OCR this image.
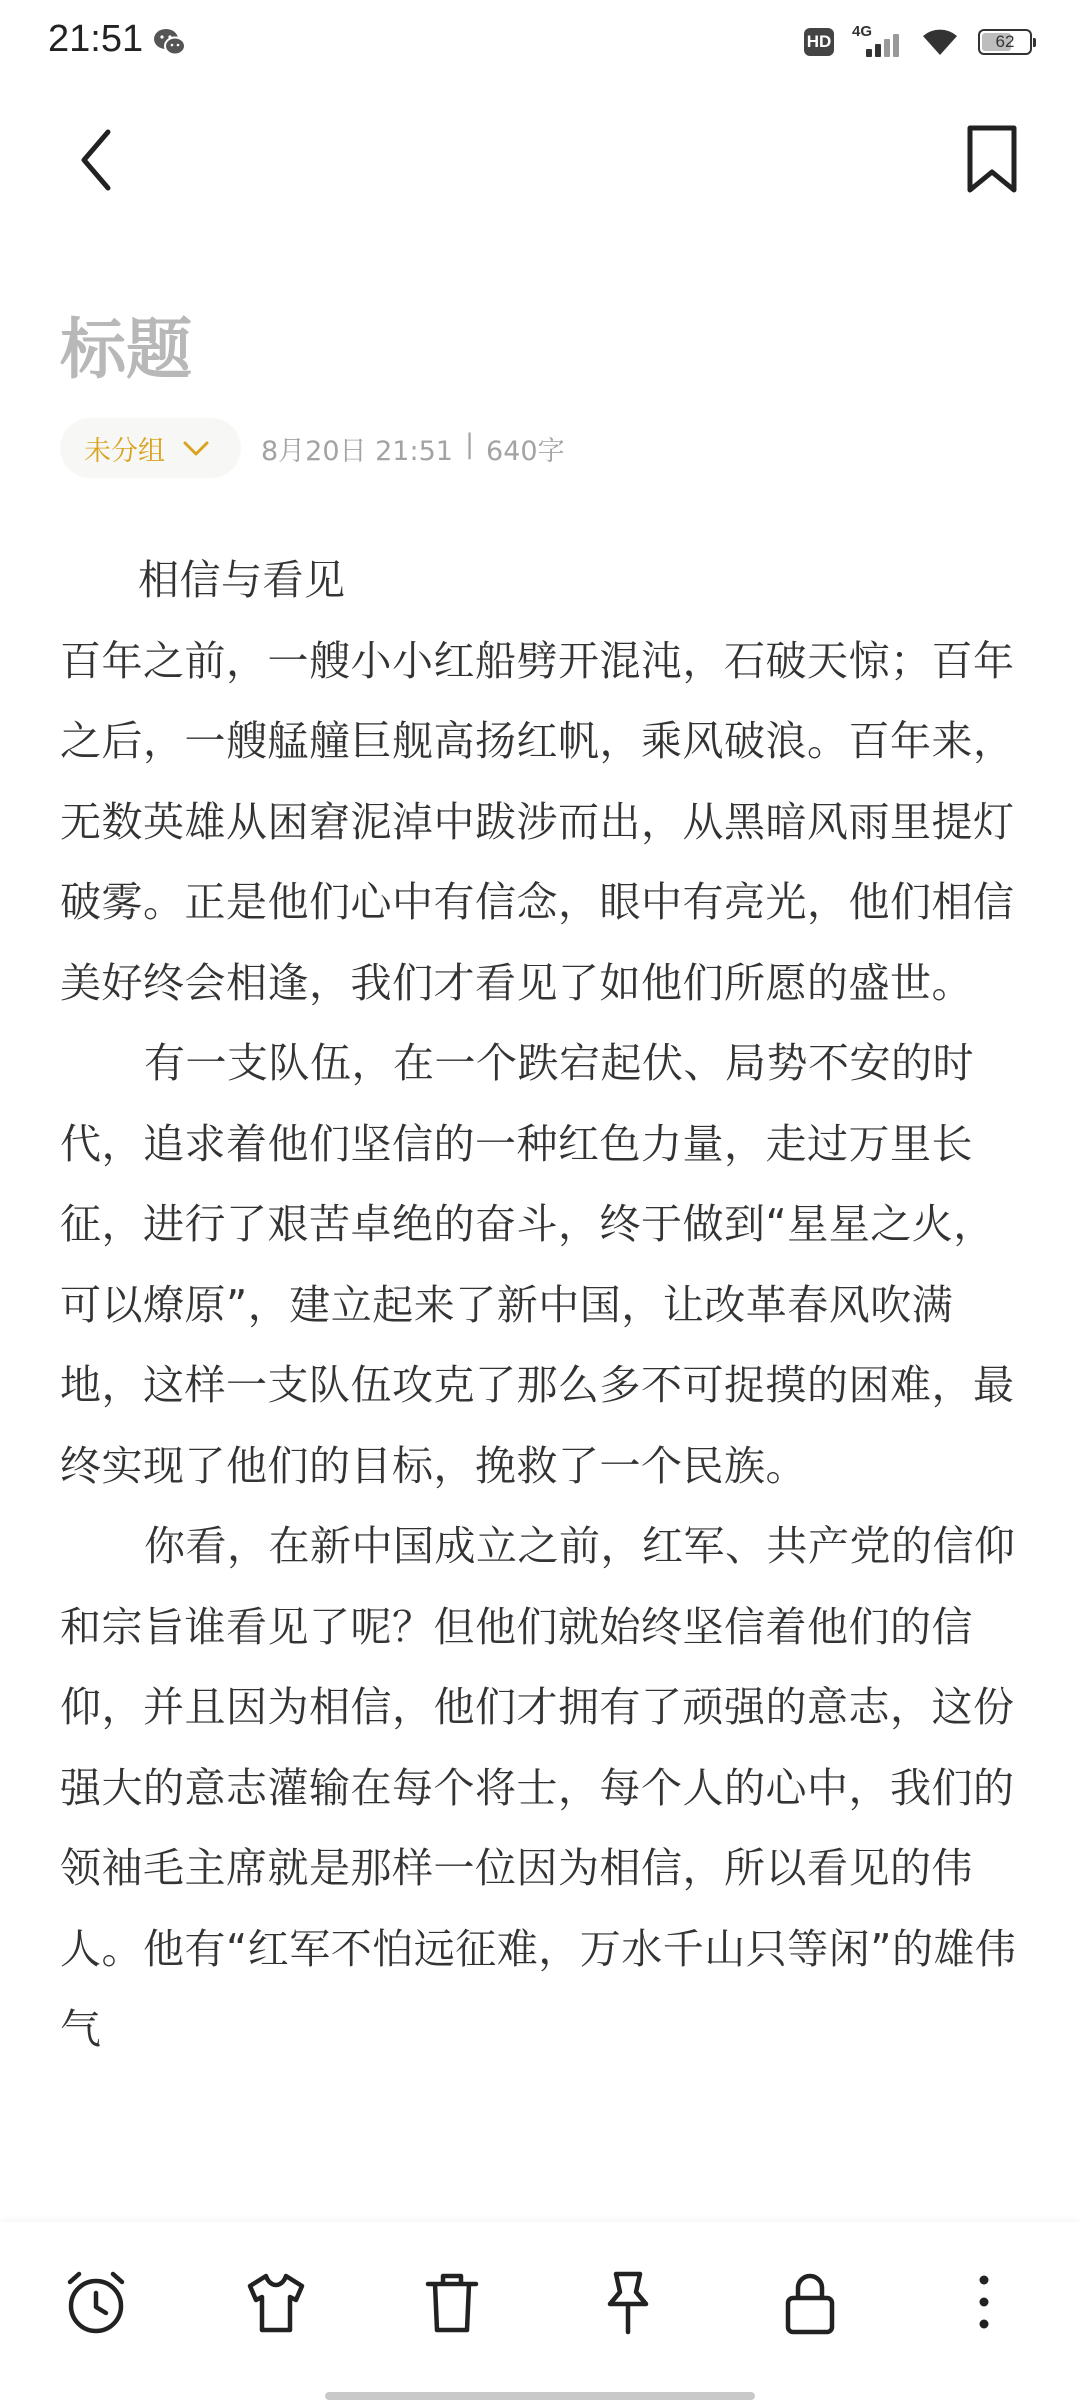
21:51	HD
4G
62
标题
未分组	8月20日 21:51 | 640字

相信与看见

百年之前，一艘小小红船劈开混沌，石破天惊；百年之后，一艘艋艟巨舰高扬红帆，乘风破浪。百年来，无数英雄从困窘泥淖中跋涉而出，从黑暗风雨里提灯破雾。正是他们心中有信念，眼中有亮光，他们相信美好终会相逢，我们才看见了如他们所愿的盛世。

有一支队伍，在一个跌宕起伏、局势不安的时代，追求着他们坚信的一种红色力量，走过万里长征，进行了艰苦卓绝的奋斗，终于做到“星星之火，可以燎原”，建立起来了新中国，让改革春风吹满地，这样一支队伍攻克了那么多不可捉摸的困难，最终实现了他们的目标，挽救了一个民族。

你看，在新中国成立之前，红军、共产党的信仰和宗旨谁看见了呢？但他们就始终坚信着他们的信仰，并且因为相信，他们才拥有了顽强的意志，这份强大的意志灌输在每个将士，每个人的心中，我们的领袖毛主席就是那样一位因为相信，所以看见的伟人。他有“红军不怕远征难，万水千山只等闲”的雄伟气
